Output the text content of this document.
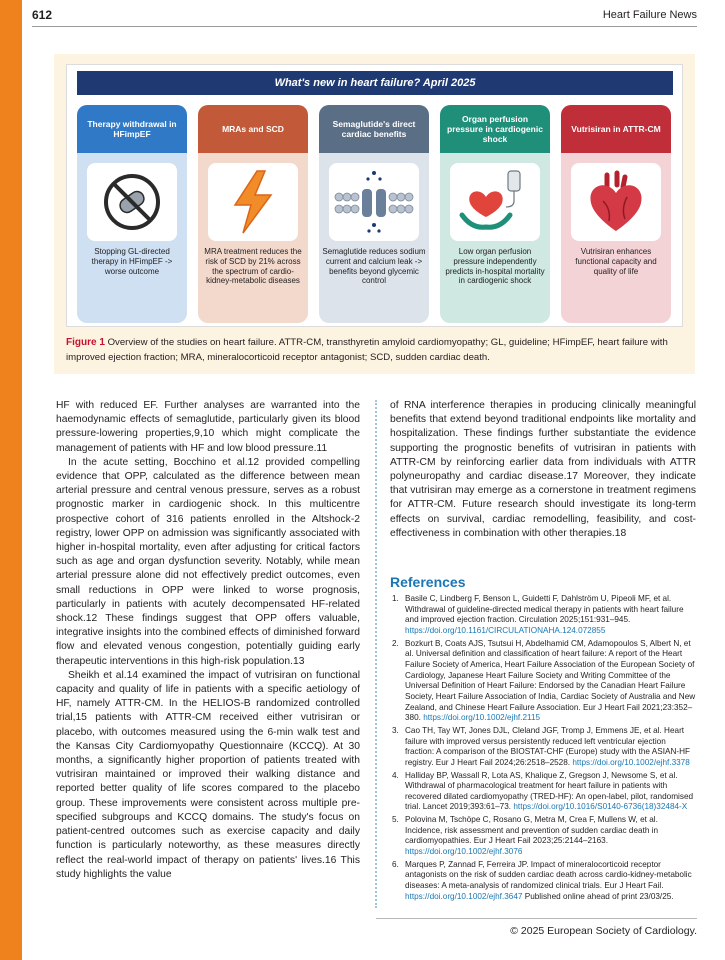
612	Heart Failure News
What's new in heart failure? April 2025
Therapy withdrawal in HFimpEF
Stopping GL-directed therapy in HFimpEF -> worse outcome
MRAs and SCD
MRA treatment reduces the risk of SCD by 21% across the spectrum of cardio-kidney-metabolic diseases
Semaglutide's direct cardiac benefits
Semaglutide reduces sodium current and calcium leak -> benefits beyond glycemic control
Organ perfusion pressure in cardiogenic shock
Low organ perfusion pressure independently predicts in-hospital mortality in cardiogenic shock
Vutrisiran in ATTR-CM
Vutrisiran enhances functional capacity and quality of life
Figure 1 Overview of the studies on heart failure. ATTR-CM, transthyretin amyloid cardiomyopathy; GL, guideline; HFimpEF, heart failure with improved ejection fraction; MRA, mineralocorticoid receptor antagonist; SCD, sudden cardiac death.

HF with reduced EF. Further analyses are warranted into the haemodynamic effects of semaglutide, particularly given its blood pressure-lowering properties,9,10 which might complicate the management of patients with HF and low blood pressure.11

In the acute setting, Bocchino et al.12 provided compelling evidence that OPP, calculated as the difference between mean arterial pressure and central venous pressure, serves as a robust prognostic marker in cardiogenic shock. In this multicentre prospective cohort of 316 patients enrolled in the Altshock-2 registry, lower OPP on admission was significantly associated with higher in-hospital mortality, even after adjusting for critical factors such as age and organ dysfunction severity. Notably, while mean arterial pressure alone did not effectively predict outcomes, even small reductions in OPP were linked to worse prognosis, particularly in patients with acutely decompensated HF-related shock.12 These findings suggest that OPP offers valuable, integrative insights into the combined effects of diminished forward flow and elevated venous congestion, potentially guiding early therapeutic interventions in this high-risk population.13

Sheikh et al.14 examined the impact of vutrisiran on functional capacity and quality of life in patients with a specific aetiology of HF, namely ATTR-CM. In the HELIOS-B randomized controlled trial,15 patients with ATTR-CM received either vutrisiran or placebo, with outcomes measured using the 6-min walk test and the Kansas City Cardiomyopathy Questionnaire (KCCQ). At 30 months, a significantly higher proportion of patients treated with vutrisiran maintained or improved their walking distance and reported better quality of life scores compared to the placebo group. These improvements were consistent across multiple pre-specified subgroups and KCCQ domains. The study's focus on patient-centred outcomes such as exercise capacity and daily function is particularly noteworthy, as these measures directly reflect the real-world impact of therapy on patients' lives.16 This study highlights the value

of RNA interference therapies in producing clinically meaningful benefits that extend beyond traditional endpoints like mortality and hospitalization. These findings further substantiate the evidence supporting the prognostic benefits of vutrisiran in patients with ATTR-CM by reinforcing earlier data from individuals with ATTR polyneuropathy and cardiac disease.17 Moreover, they indicate that vutrisiran may emerge as a cornerstone in treatment regimens for ATTR-CM. Future research should investigate its long-term effects on survival, cardiac remodelling, feasibility, and cost-effectiveness in combination with other therapies.18

References
1. Basile C, Lindberg F, Benson L, Guidetti F, Dahlström U, Pipeoli MF, et al. Withdrawal of guideline-directed medical therapy in patients with heart failure and improved ejection fraction. Circulation 2025;151:931–945. https://doi.org/10.1161/CIRCULATIONAHA.124.072855
2. Bozkurt B, Coats AJS, Tsutsui H, Abdelhamid CM, Adamopoulos S, Albert N, et al. Universal definition and classification of heart failure: A report of the Heart Failure Society of America, Heart Failure Association of the European Society of Cardiology, Japanese Heart Failure Society and Writing Committee of the Universal Definition of Heart Failure: Endorsed by the Canadian Heart Failure Society, Heart Failure Association of India, Cardiac Society of Australia and New Zealand, and Chinese Heart Failure Association. Eur J Heart Fail 2021;23:352–380. https://doi.org/10.1002/ejhf.2115
3. Cao TH, Tay WT, Jones DJL, Cleland JGF, Tromp J, Emmens JE, et al. Heart failure with improved versus persistently reduced left ventricular ejection fraction: A comparison of the BIOSTAT-CHF (Europe) study with the ASIAN-HF registry. Eur J Heart Fail 2024;26:2518–2528. https://doi.org/10.1002/ejhf.3378
4. Halliday BP, Wassall R, Lota AS, Khalique Z, Gregson J, Newsome S, et al. Withdrawal of pharmacological treatment for heart failure in patients with recovered dilated cardiomyopathy (TRED-HF): An open-label, pilot, randomised trial. Lancet 2019;393:61–73. https://doi.org/10.1016/S0140-6736(18)32484-X
5. Polovina M, Tschöpe C, Rosano G, Metra M, Crea F, Mullens W, et al. Incidence, risk assessment and prevention of sudden cardiac death in cardiomyopathies. Eur J Heart Fail 2023;25:2144–2163. https://doi.org/10.1002/ejhf.3076
6. Marques P, Zannad F, Ferreira JP. Impact of mineralocorticoid receptor antagonists on the risk of sudden cardiac death across cardio-kidney-metabolic diseases: A meta-analysis of randomized clinical trials. Eur J Heart Fail. https://doi.org/10.1002/ejhf.3647 Published online ahead of print 23/03/25.
© 2025 European Society of Cardiology.
